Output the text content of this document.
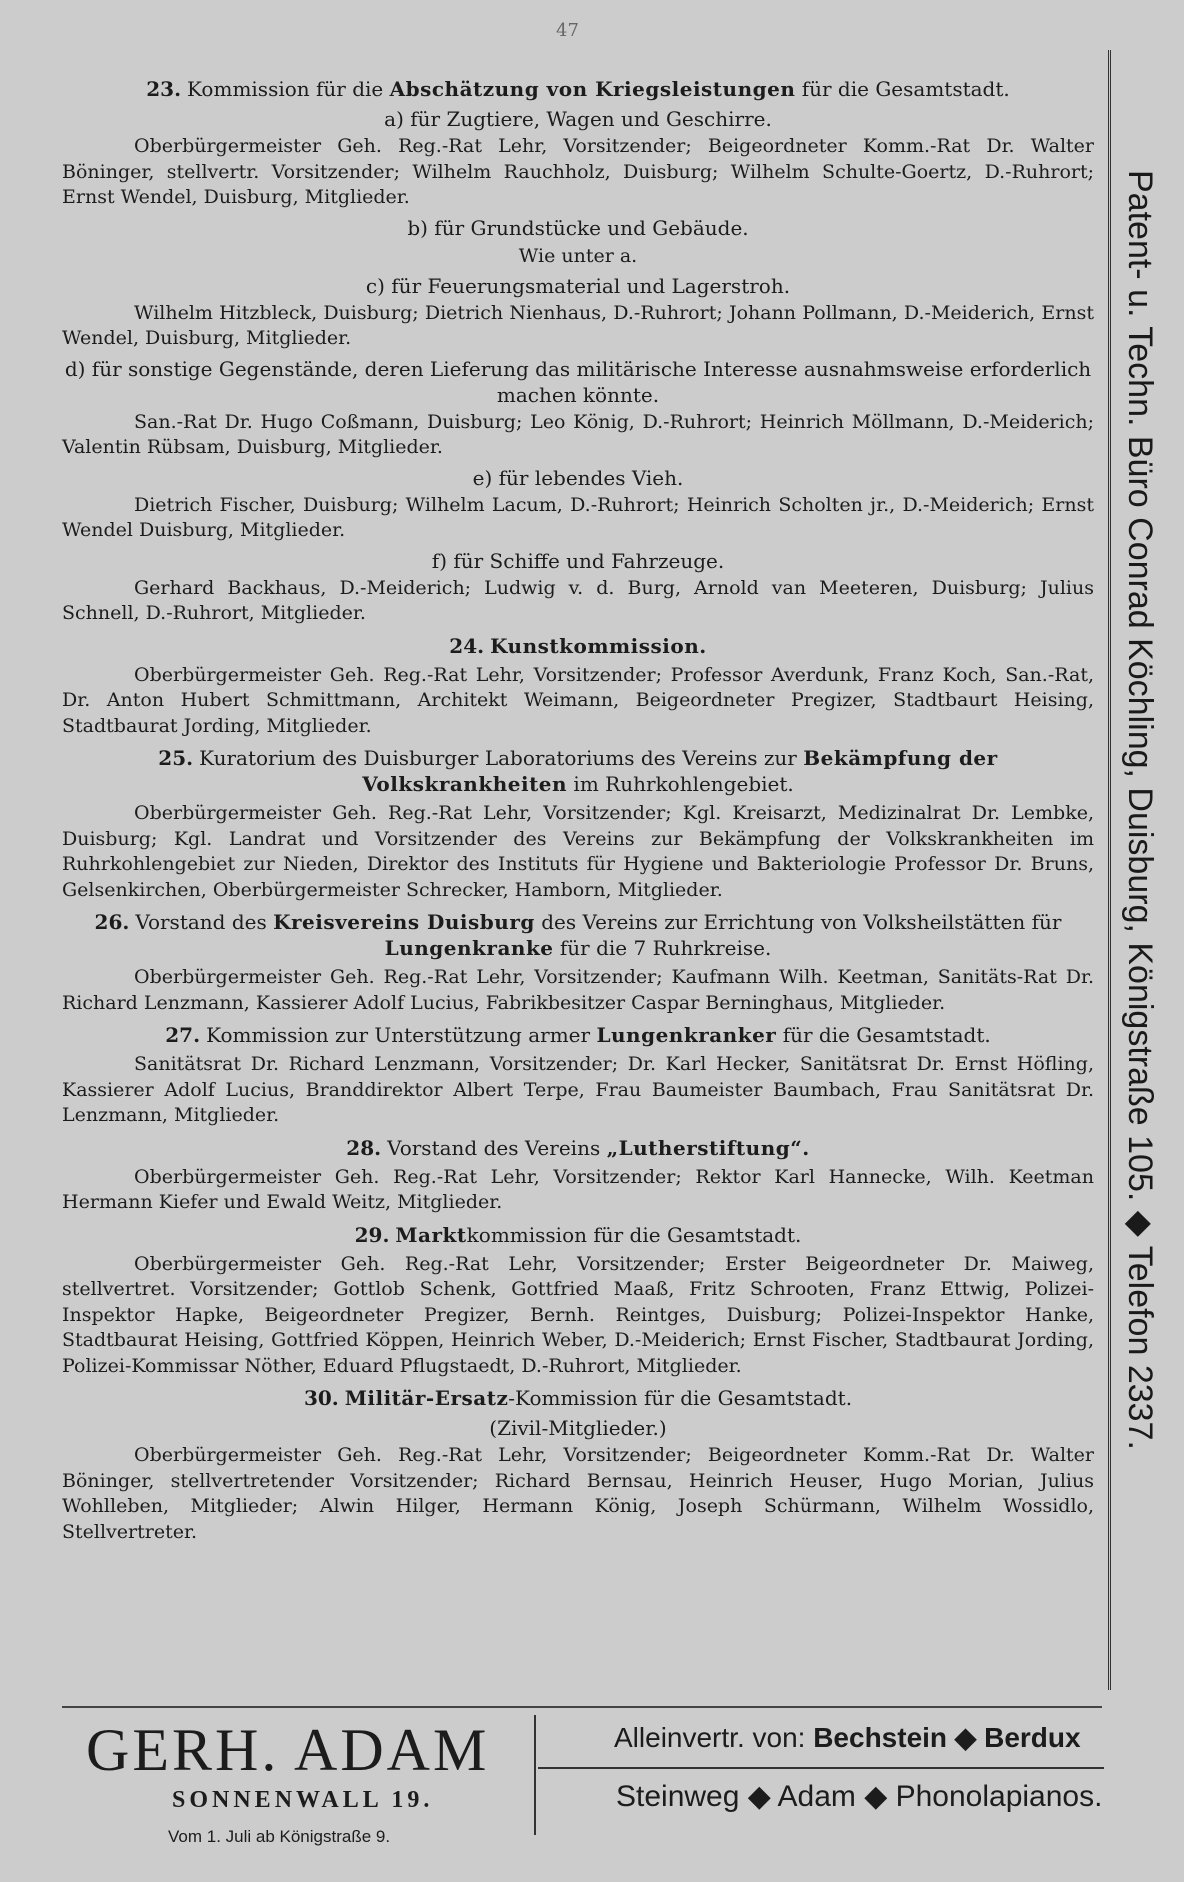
47
23. Kommission für die Abschätzung von Kriegsleistungen für die Gesamtstadt.
a) für Zugtiere, Wagen und Geschirre.
Oberbürgermeister Geh. Reg.-Rat Lehr, Vorsitzender; Beigeordneter Komm.-Rat Dr. Walter Böninger, stellvertr. Vorsitzender; Wilhelm Rauchholz, Duisburg; Wilhelm Schulte-Goertz, D.-Ruhrort; Ernst Wendel, Duisburg, Mitglieder.
b) für Grundstücke und Gebäude.
Wie unter a.
c) für Feuerungsmaterial und Lagerstroh.
Wilhelm Hitzbleck, Duisburg; Dietrich Nienhaus, D.-Ruhrort; Johann Pollmann, D.-Meiderich, Ernst Wendel, Duisburg, Mitglieder.
d) für sonstige Gegenstände, deren Lieferung das militärische Interesse ausnahmsweise erforderlich machen könnte.
San.-Rat Dr. Hugo Coßmann, Duisburg; Leo König, D.-Ruhrort; Heinrich Möllmann, D.-Meiderich; Valentin Rübsam, Duisburg, Mitglieder.
e) für lebendes Vieh.
Dietrich Fischer, Duisburg; Wilhelm Lacum, D.-Ruhrort; Heinrich Scholten jr., D.-Meiderich; Ernst Wendel Duisburg, Mitglieder.
f) für Schiffe und Fahrzeuge.
Gerhard Backhaus, D.-Meiderich; Ludwig v. d. Burg, Arnold van Meeteren, Duisburg; Julius Schnell, D.-Ruhrort, Mitglieder.
24. Kunstkommission.
Oberbürgermeister Geh. Reg.-Rat Lehr, Vorsitzender; Professor Averdunk, Franz Koch, San.-Rat, Dr. Anton Hubert Schmittmann, Architekt Weimann, Beigeordneter Pregizer, Stadtbaurt Heising, Stadtbaurat Jording, Mitglieder.
25. Kuratorium des Duisburger Laboratoriums des Vereins zur Bekämpfung der Volkskrankheiten im Ruhrkohlengebiet.
Oberbürgermeister Geh. Reg.-Rat Lehr, Vorsitzender; Kgl. Kreisarzt, Medizinalrat Dr. Lembke, Duisburg; Kgl. Landrat und Vorsitzender des Vereins zur Bekämpfung der Volkskrankheiten im Ruhrkohlengebiet zur Nieden, Direktor des Instituts für Hygiene und Bakteriologie Professor Dr. Bruns, Gelsenkirchen, Oberbürgermeister Schrecker, Hamborn, Mitglieder.
26. Vorstand des Kreisvereins Duisburg des Vereins zur Errichtung von Volksheilstätten für Lungenkranke für die 7 Ruhrkreise.
Oberbürgermeister Geh. Reg.-Rat Lehr, Vorsitzender; Kaufmann Wilh. Keetman, Sanitäts-Rat Dr. Richard Lenzmann, Kassierer Adolf Lucius, Fabrikbesitzer Caspar Berninghaus, Mitglieder.
27. Kommission zur Unterstützung armer Lungenkranker für die Gesamtstadt.
Sanitätsrat Dr. Richard Lenzmann, Vorsitzender; Dr. Karl Hecker, Sanitätsrat Dr. Ernst Höfling, Kassierer Adolf Lucius, Branddirektor Albert Terpe, Frau Baumeister Baumbach, Frau Sanitätsrat Dr. Lenzmann, Mitglieder.
28. Vorstand des Vereins „Lutherstiftung“.
Oberbürgermeister Geh. Reg.-Rat Lehr, Vorsitzender; Rektor Karl Hannecke, Wilh. Keetman Hermann Kiefer und Ewald Weitz, Mitglieder.
29. Marktkommission für die Gesamtstadt.
Oberbürgermeister Geh. Reg.-Rat Lehr, Vorsitzender; Erster Beigeordneter Dr. Maiweg, stellvertret. Vorsitzender; Gottlob Schenk, Gottfried Maaß, Fritz Schrooten, Franz Ettwig, Polizei-Inspektor Hapke, Beigeordneter Pregizer, Bernh. Reintges, Duisburg; Polizei-Inspektor Hanke, Stadtbaurat Heising, Gottfried Köppen, Heinrich Weber, D.-Meiderich; Ernst Fischer, Stadtbaurat Jording, Polizei-Kommissar Nöther, Eduard Pflugstaedt, D.-Ruhrort, Mitglieder.
30. Militär-Ersatz-Kommission für die Gesamtstadt.
(Zivil-Mitglieder.)
Oberbürgermeister Geh. Reg.-Rat Lehr, Vorsitzender; Beigeordneter Komm.-Rat Dr. Walter Böninger, stellvertretender Vorsitzender; Richard Bernsau, Heinrich Heuser, Hugo Morian, Julius Wohlleben, Mitglieder; Alwin Hilger, Hermann König, Joseph Schürmann, Wilhelm Wossidlo, Stellvertreter.
Patent- u. Techn. Büro Conrad Köchling, Duisburg, Königstraße 105. ◆ Telefon 2337.
GERH. ADAM
SONNENWALL 19.
Vom 1. Juli ab Königstraße 9.
Alleinvertr. von: Bechstein ◆ Berdux
Steinweg ◆ Adam ◆ Phonolapianos.
